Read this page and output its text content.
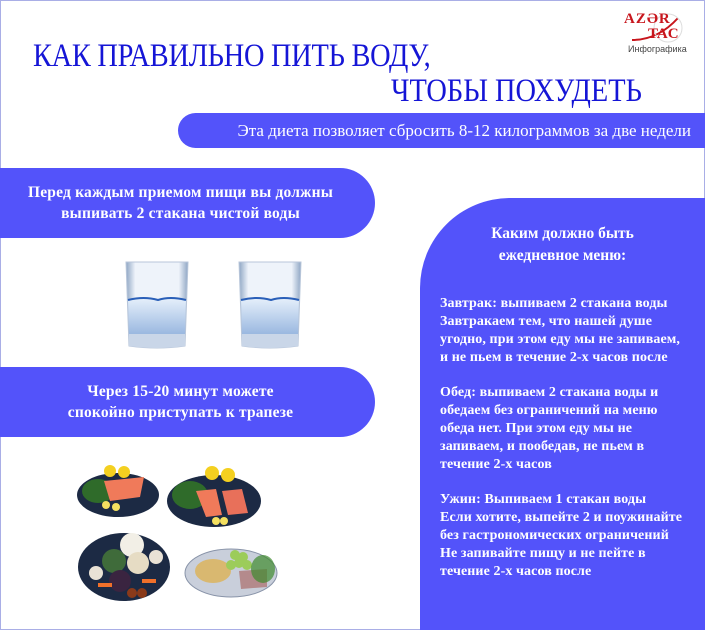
AZƏR
TAC
Инфографика
КАК ПРАВИЛЬНО ПИТЬ ВОДУ,
ЧТОБЫ ПОХУДЕТЬ
Эта диета позволяет сбросить 8-12 килограммов за две недели
Перед каждым приемом пищи вы должны
выпивать 2 стакана чистой воды
Через 15-20 минут можете
спокойно приступать к трапезе
Каким должно быть
ежедневное меню:
Завтрак: выпиваем 2 стакана воды
Завтракаем тем, что нашей душе
угодно, при этом еду мы не запиваем,
и не пьем в течение 2-х часов после
Обед: выпиваем 2 стакана воды и
обедаем без ограничений на меню
обеда нет. При этом еду мы не
запиваем, и пообедав, не пьем в
течение 2-х часов
Ужин: Выпиваем 1 стакан воды
Если хотите, выпейте 2 и поужинайте
без гастрономических ограничений
Не запивайте пищу и не пейте в
течение 2-х часов после
